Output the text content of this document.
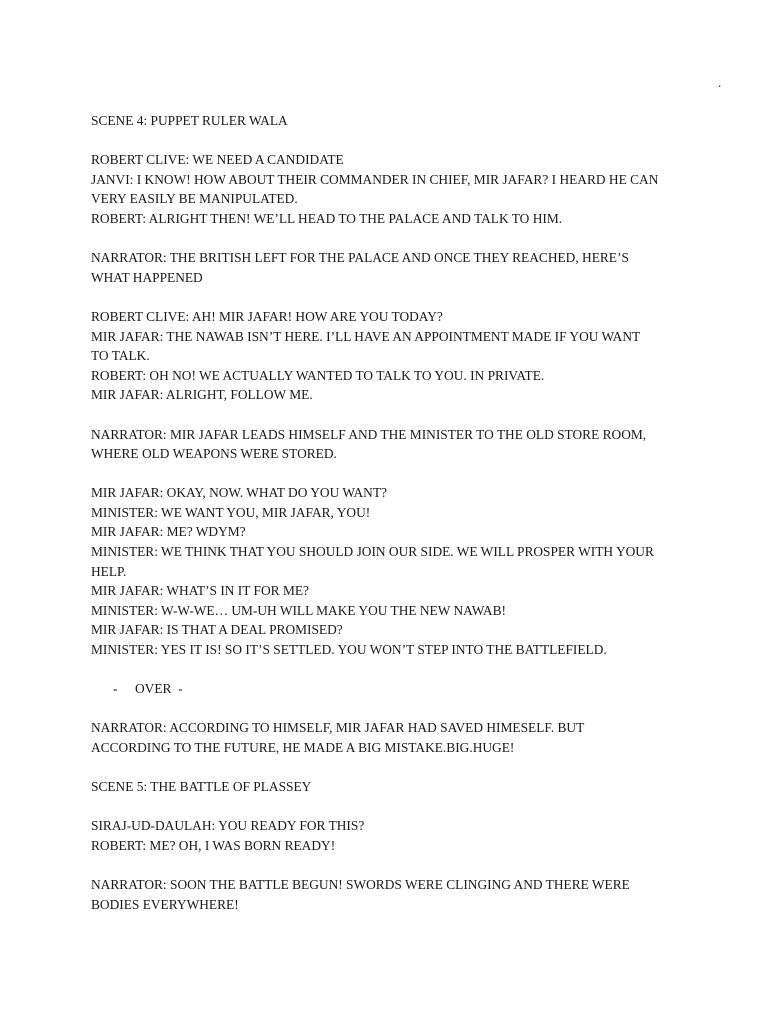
.
SCENE 4: PUPPET RULER WALA
ROBERT CLIVE: WE NEED A CANDIDATE
JANVI: I KNOW! HOW ABOUT THEIR COMMANDER IN CHIEF, MIR JAFAR? I HEARD HE CAN
VERY EASILY BE MANIPULATED.
ROBERT: ALRIGHT THEN! WE’LL HEAD TO THE PALACE AND TALK TO HIM.
NARRATOR: THE BRITISH LEFT FOR THE PALACE AND ONCE THEY REACHED, HERE’S
WHAT HAPPENED
ROBERT CLIVE: AH! MIR JAFAR! HOW ARE YOU TODAY?
MIR JAFAR: THE NAWAB ISN’T HERE. I’LL HAVE AN APPOINTMENT MADE IF YOU WANT
TO TALK.
ROBERT: OH NO! WE ACTUALLY WANTED TO TALK TO YOU. IN PRIVATE.
MIR JAFAR: ALRIGHT, FOLLOW ME.
NARRATOR: MIR JAFAR LEADS HIMSELF AND THE MINISTER TO THE OLD STORE ROOM,
WHERE OLD WEAPONS WERE STORED.
MIR JAFAR: OKAY, NOW. WHAT DO YOU WANT?
MINISTER: WE WANT YOU, MIR JAFAR, YOU!
MIR JAFAR: ME? WDYM?
MINISTER: WE THINK THAT YOU SHOULD JOIN OUR SIDE. WE WILL PROSPER WITH YOUR
HELP.
MIR JAFAR: WHAT’S IN IT FOR ME?
MINISTER: W-W-WE… UM-UH WILL MAKE YOU THE NEW NAWAB!
MIR JAFAR: IS THAT A DEAL PROMISED?
MINISTER: YES IT IS! SO IT’S SETTLED. YOU WON’T STEP INTO THE BATTLEFIELD.
- OVER  -
NARRATOR: ACCORDING TO HIMSELF, MIR JAFAR HAD SAVED HIMESELF. BUT
ACCORDING TO THE FUTURE, HE MADE A BIG MISTAKE.BIG.HUGE!
SCENE 5: THE BATTLE OF PLASSEY
SIRAJ-UD-DAULAH: YOU READY FOR THIS?
ROBERT: ME? OH, I WAS BORN READY!
NARRATOR: SOON THE BATTLE BEGUN! SWORDS WERE CLINGING AND THERE WERE
BODIES EVERYWHERE!
